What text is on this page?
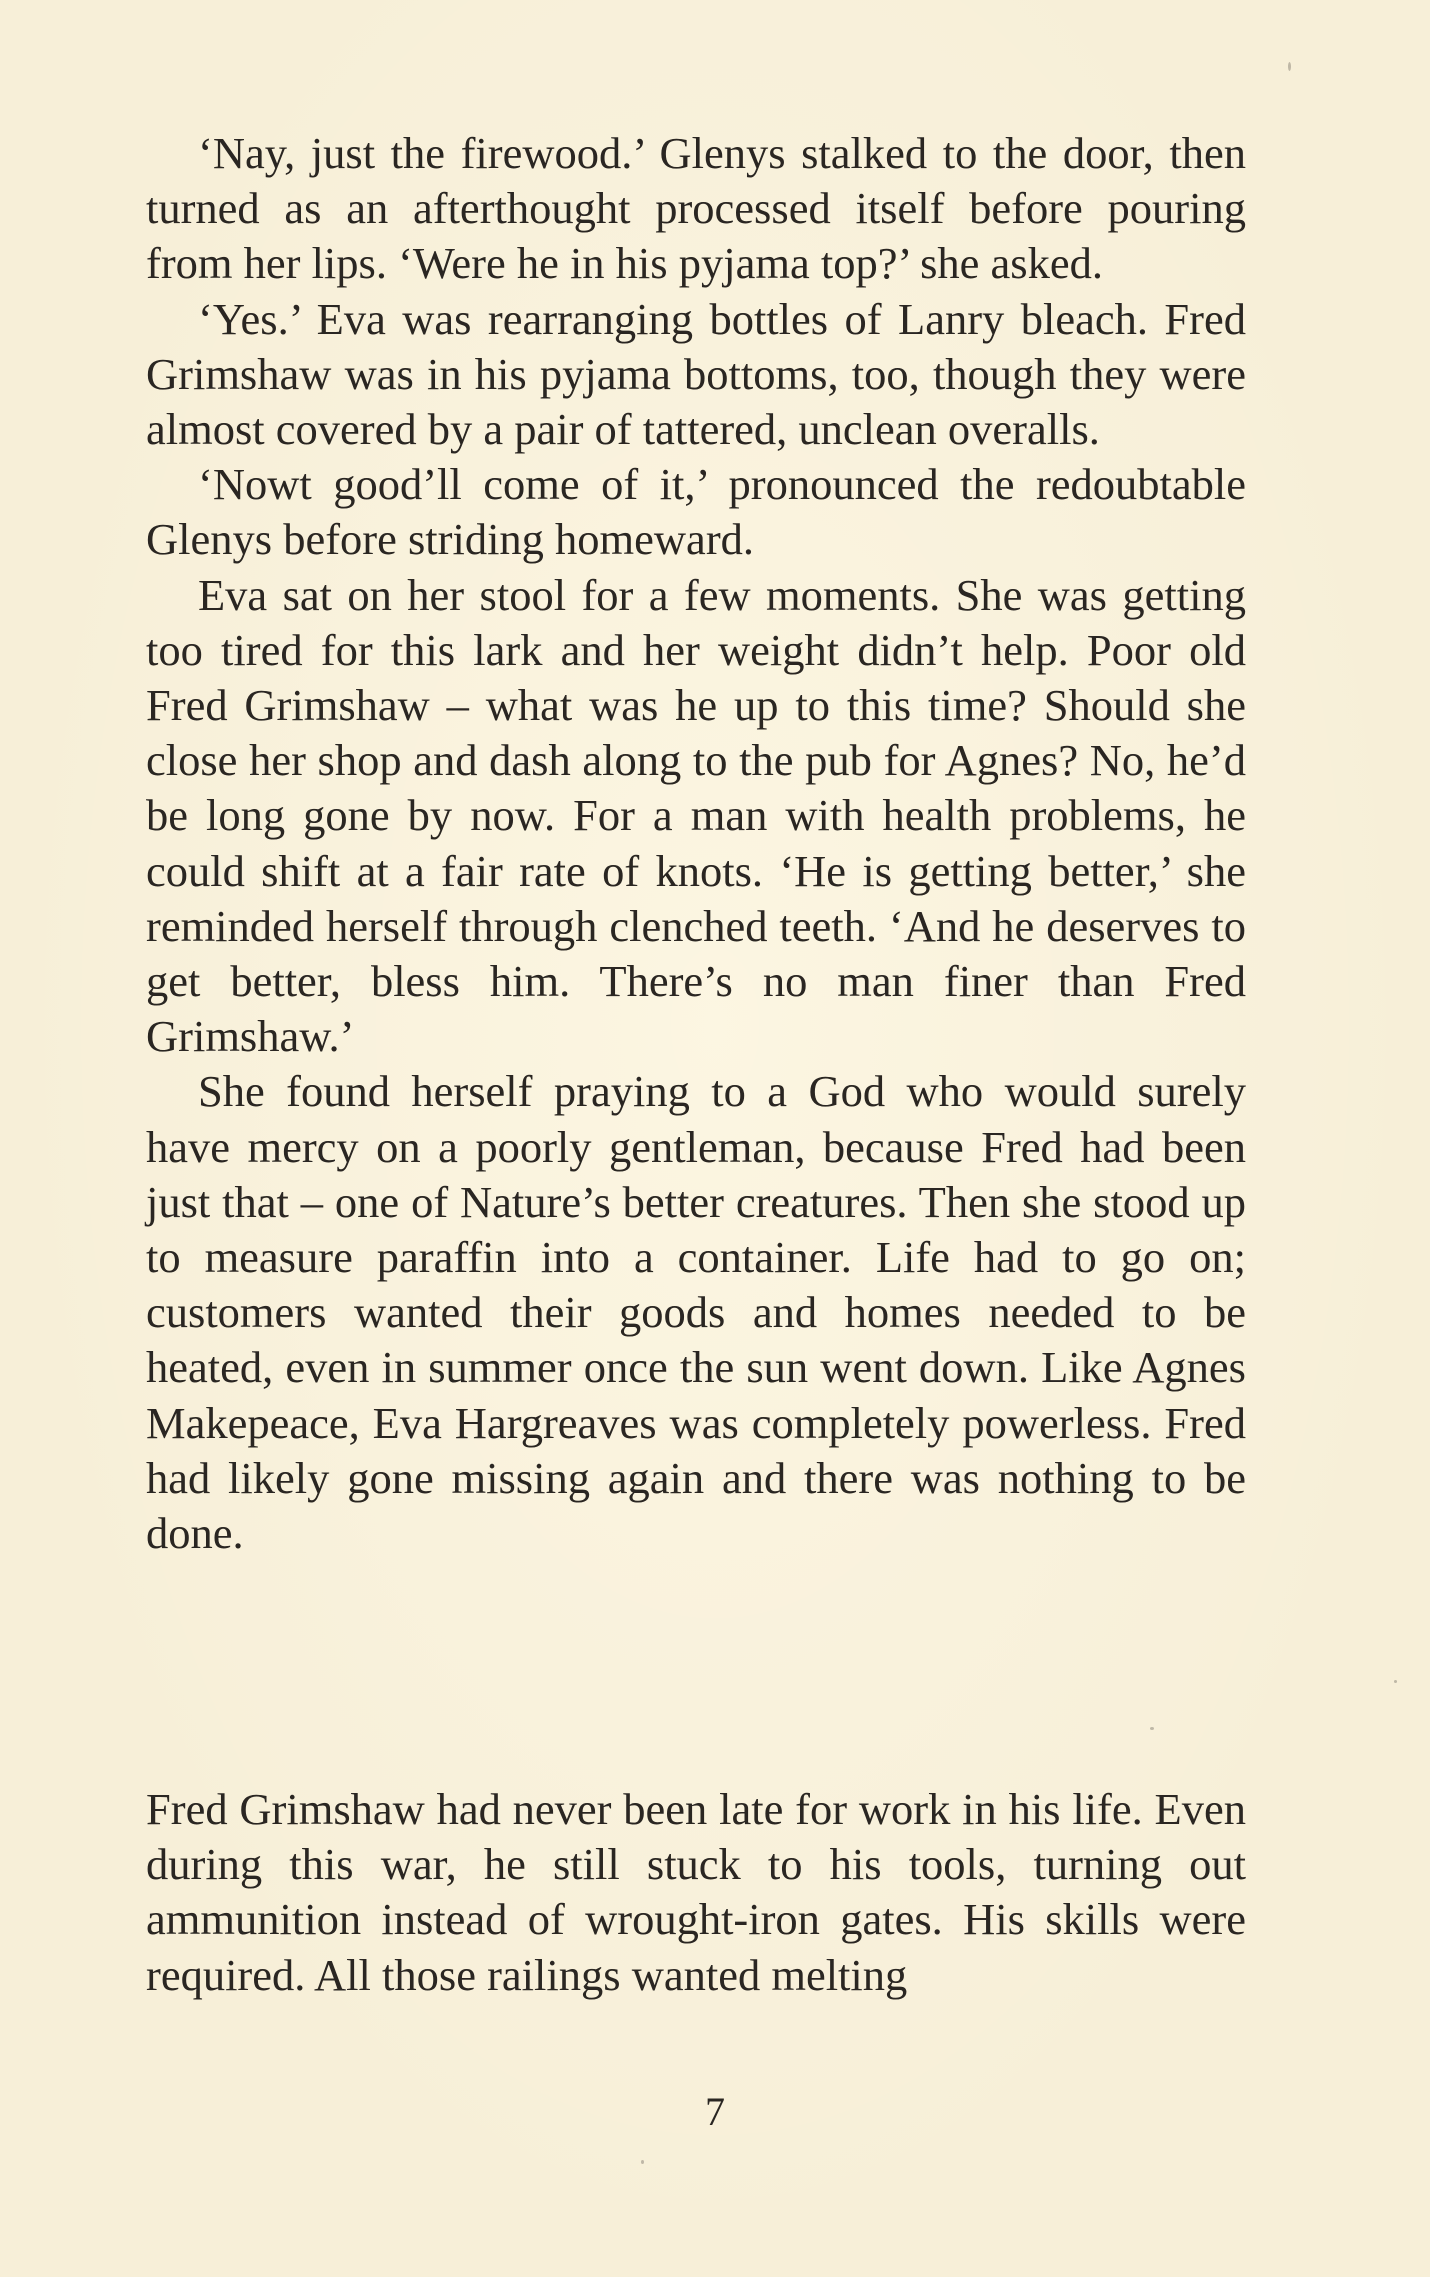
‘Nay, just the firewood.’ Glenys stalked to the door, then turned as an afterthought processed itself before pouring from her lips. ‘Were he in his pyjama top?’ she asked.

‘Yes.’ Eva was rearranging bottles of Lanry bleach. Fred Grimshaw was in his pyjama bottoms, too, though they were almost covered by a pair of tattered, unclean overalls.

‘Nowt good’ll come of it,’ pronounced the redoubtable Glenys before striding homeward.

Eva sat on her stool for a few moments. She was getting too tired for this lark and her weight didn’t help. Poor old Fred Grimshaw – what was he up to this time? Should she close her shop and dash along to the pub for Agnes? No, he’d be long gone by now. For a man with health problems, he could shift at a fair rate of knots. ‘He is getting better,’ she reminded herself through clenched teeth. ‘And he deserves to get better, bless him. There’s no man finer than Fred Grimshaw.’

She found herself praying to a God who would surely have mercy on a poorly gentleman, because Fred had been just that – one of Nature’s better creatures. Then she stood up to measure paraffin into a container. Life had to go on; customers wanted their goods and homes needed to be heated, even in summer once the sun went down. Like Agnes Makepeace, Eva Hargreaves was completely powerless. Fred had likely gone missing again and there was nothing to be done.

Fred Grimshaw had never been late for work in his life. Even during this war, he still stuck to his tools, turning out ammunition instead of wrought-iron gates. His skills were required. All those railings wanted melting

7
